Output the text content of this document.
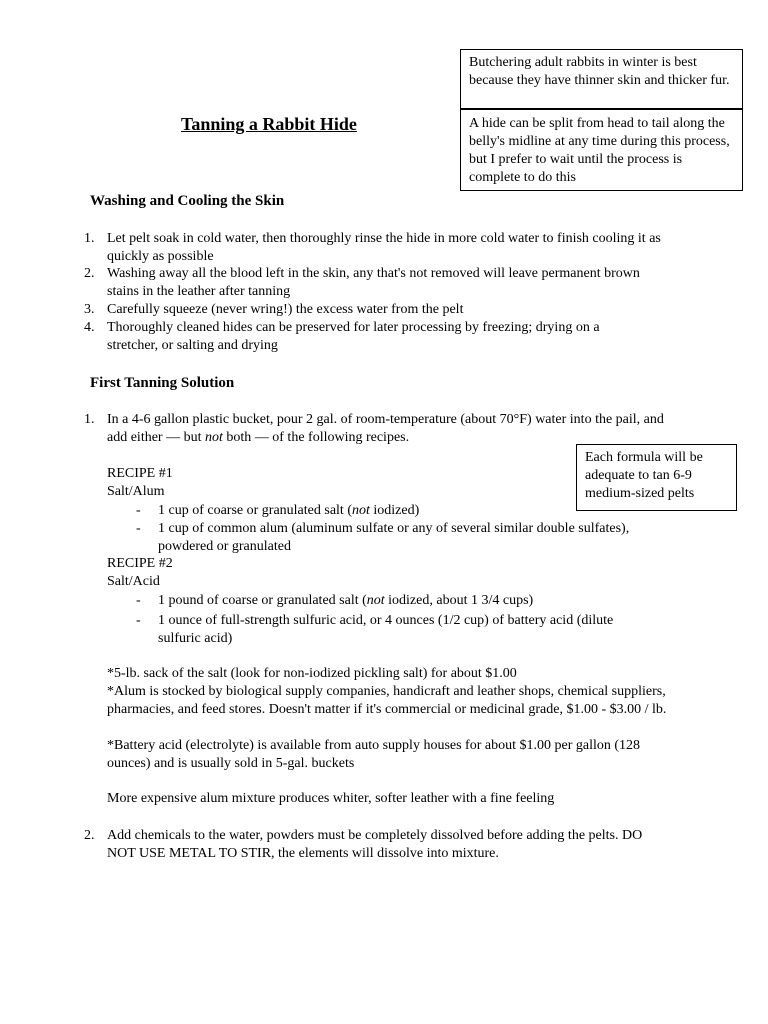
Butchering adult rabbits in winter is best because they have thinner skin and thicker fur.
A hide can be split from head to tail along the belly's midline at any time during this process, but I prefer to wait until the process is complete to do this
Tanning a Rabbit Hide
Washing and Cooling the Skin
1. Let pelt soak in cold water, then thoroughly rinse the hide in more cold water to finish cooling it as quickly as possible
2. Washing away all the blood left in the skin, any that's not removed will leave permanent brown stains in the leather after tanning
3. Carefully squeeze (never wring!) the excess water from the pelt
4. Thoroughly cleaned hides can be preserved for later processing by freezing; drying on a stretcher, or salting and drying
First Tanning Solution
1. In a 4-6 gallon plastic bucket, pour 2 gal. of room-temperature (about 70°F) water into the pail, and add either — but not both — of the following recipes.
Each formula will be adequate to tan 6-9 medium-sized pelts
RECIPE #1
Salt/Alum
- 1 cup of coarse or granulated salt (not iodized)
- 1 cup of common alum (aluminum sulfate or any of several similar double sulfates), powdered or granulated
RECIPE #2
Salt/Acid
- 1 pound of coarse or granulated salt (not iodized, about 1 3/4 cups)
- 1 ounce of full-strength sulfuric acid, or 4 ounces (1/2 cup) of battery acid (dilute sulfuric acid)
*5-lb. sack of the salt (look for non-iodized pickling salt) for about $1.00
*Alum is stocked by biological supply companies, handicraft and leather shops, chemical suppliers, pharmacies, and feed stores. Doesn't matter if it's commercial or medicinal grade, $1.00 - $3.00 / lb.
*Battery acid (electrolyte) is available from auto supply houses for about $1.00 per gallon (128 ounces) and is usually sold in 5-gal. buckets
More expensive alum mixture produces whiter, softer leather with a fine feeling
2. Add chemicals to the water, powders must be completely dissolved before adding the pelts. DO NOT USE METAL TO STIR, the elements will dissolve into mixture.
